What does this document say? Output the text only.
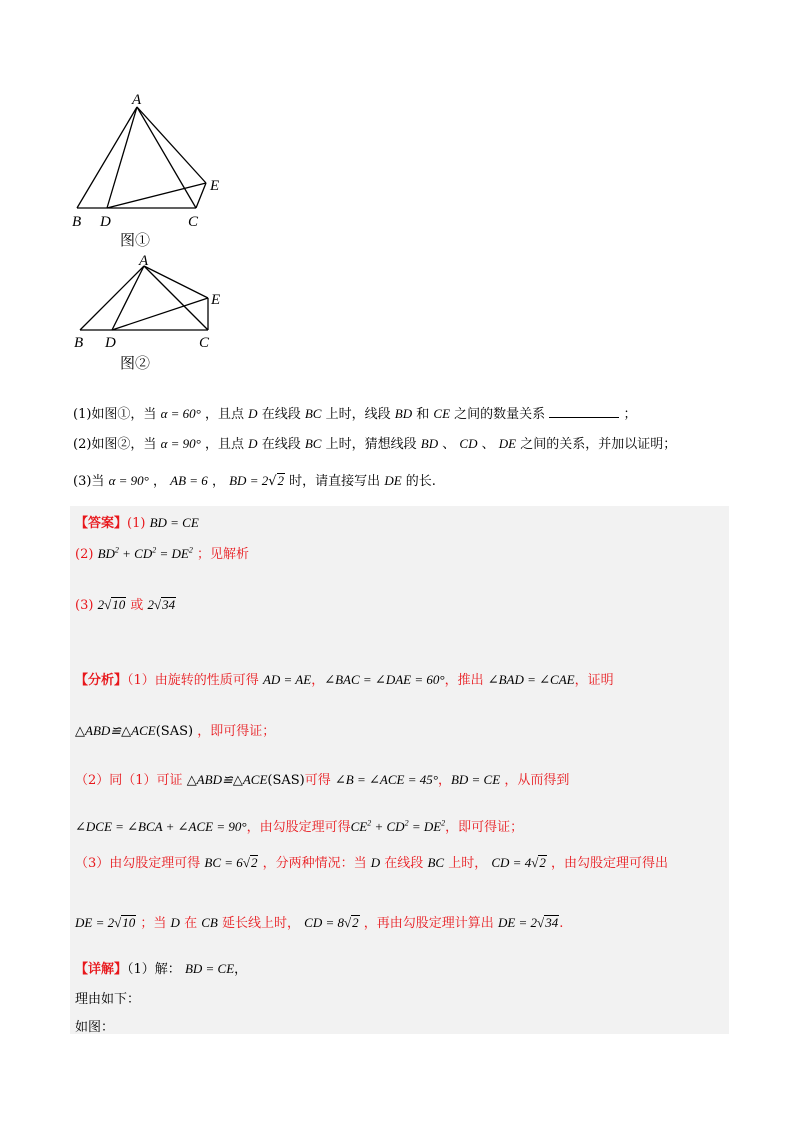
A
B D	C
E
图①
A
B D	C
E
图②
(1)如图①，当 α = 60° ，且点 D 在线段 BC 上时，线段 BD 和 CE 之间的数量关系	；
(2)如图②，当 α = 90° ，且点 D 在线段 BC 上时，猜想线段 BD 、 CD 、 DE 之间的关系，并加以证明；
(3)当 α = 90° ， AB = 6 ， BD = 2√2 时，请直接写出 DE 的长.
【答案】(1) BD = CE
(2) $BD^2 + CD^2 = DE^2$ ；见解析
(3) 2√10 或 2√34
【分析】（1）由旋转的性质可得 AD = AE，∠BAC = ∠DAE = 60°，推出 ∠BAD = ∠CAE，证明
△ABD≌△ACE(SAS) ，即可得证；
（2）同（1）可证 △ABD≌△ACE(SAS)可得 ∠B = ∠ACE = 45°，BD = CE ，从而得到
∠DCE = ∠BCA + ∠ACE = 90°，由勾股定理可得$CE^2 + CD^2 = DE^2$，即可得证；
（3）由勾股定理可得 BC = 6√2 ，分两种情况：当 D 在线段 BC 上时， CD = 4√2 ，由勾股定理可得出
DE = 2√10 ；当 D 在 CB 延长线上时， CD = 8√2 ，再由勾股定理计算出 DE = 2√34.
【详解】（1）解： BD = CE，
理由如下：
如图：
